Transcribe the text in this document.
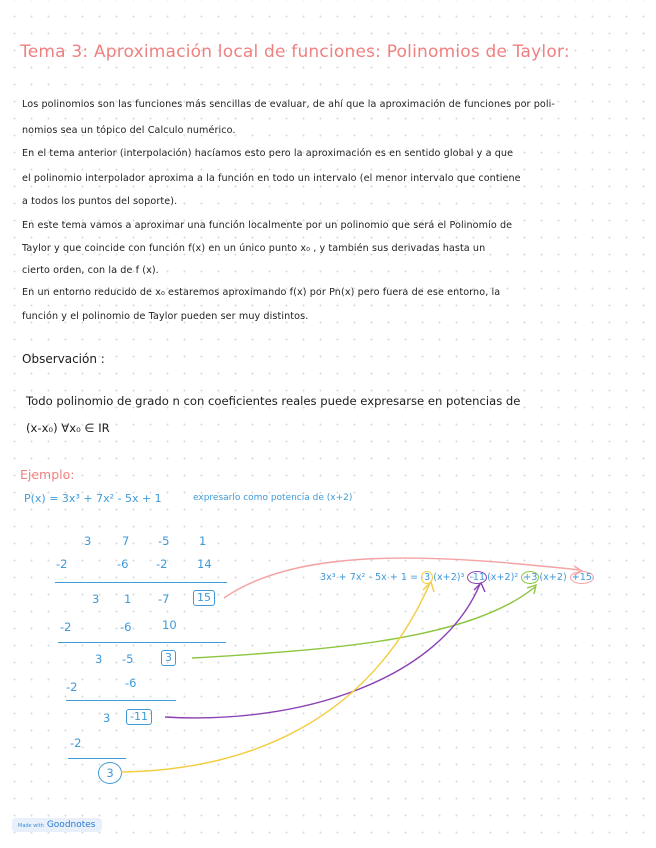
Tema 3: Aproximación local de funciones: Polinomios de Taylor:
Los polinomios son las funciones más sencillas de evaluar, de ahí que la aproximación de funciones por poli-
nomios sea un tópico del Calculo numérico.
En el tema anterior (interpolación) hacíamos esto pero la aproximación es en sentido global y a que
el polinomio interpolador aproxima a la función en todo un intervalo (el menor intervalo que contiene
a todos los puntos del soporte).
En este tema vamos a aproximar una función localmente por un polinomio que será el Polinomio de
Taylor y que coincide con función f(x) en un único punto x₀ , y también sus derivadas hasta un
cierto orden, con la de f (x).
En un entorno reducido de x₀ estaremos aproximando f(x) por Pn(x) pero fuera de ese entorno, la
función y el polinomio de Taylor pueden ser muy distintos.
Observación :
Todo polinomio de grado n con coeficientes reales puede expresarse en potencias de
(x-x₀) ∀x₀ ∈ IR
Ejemplo:
P(x) = 3x³ + 7x² - 5x + 1	expresarlo como potencia de (x+2)
3	7 -5	1
-2	-6 -2	14
3 1 -7	15
-2	-6	10
3 -5	3
-2	-6
3	-11
-2
3
3x³ + 7x² - 5x + 1 = 3 (x+2)³ -11 (x+2)² +3 (x+2) +15
Made with Goodnotes
